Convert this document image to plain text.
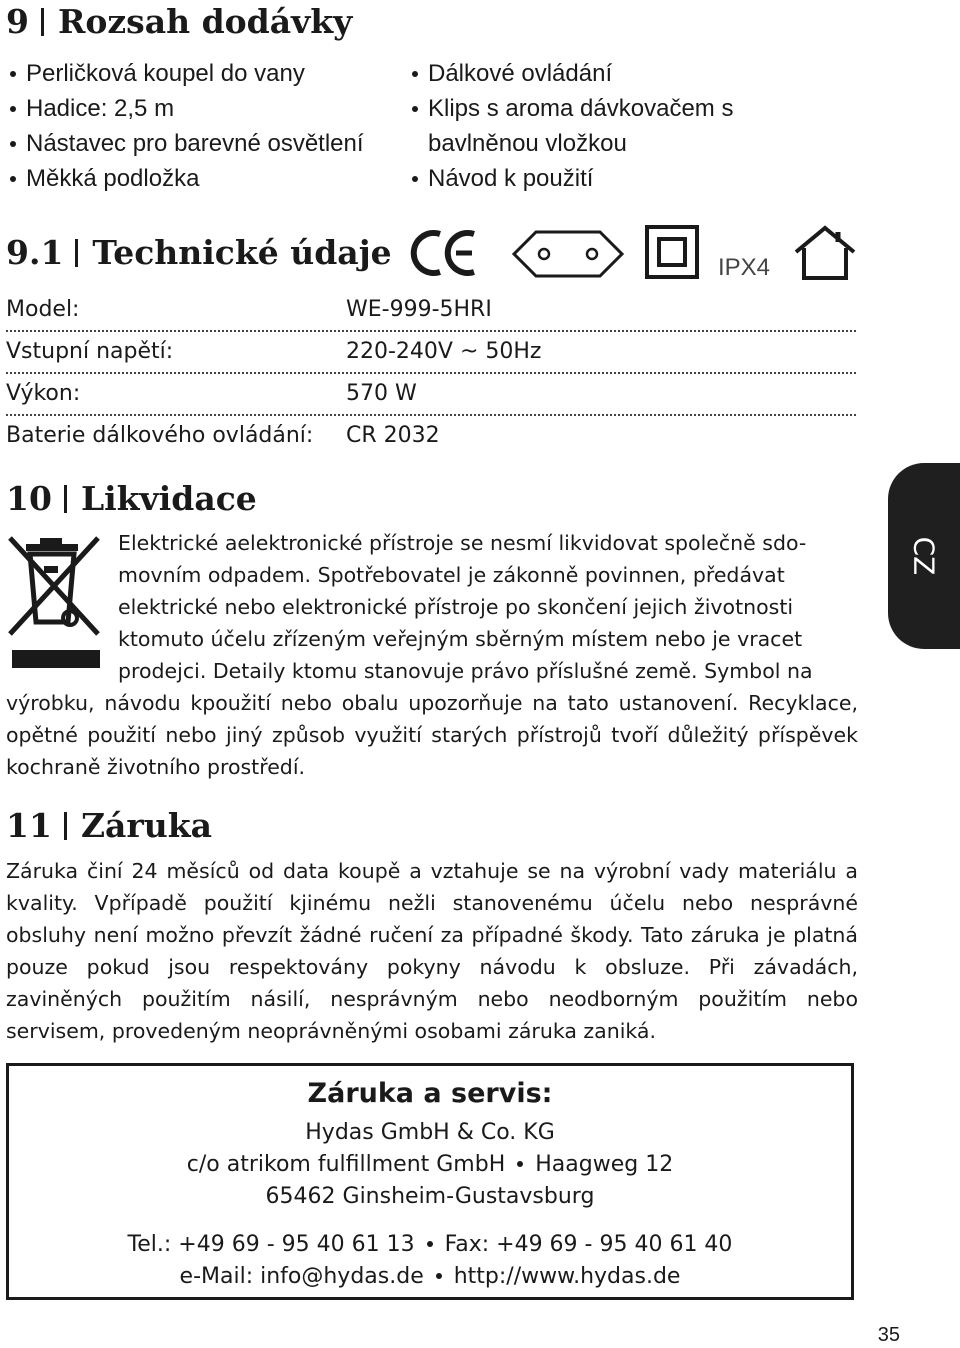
9 Rozsah dodávky
Perličková koupel do vany
Hadice: 2,5 m
Nástavec pro barevné osvětlení
Měkká podložka
Dálkové ovládání
Klips s aroma dávkovačem s
bavlněnou vložkou
Návod k použití
9.1 Technické údaje	IPX4
Model:	WE-999-5HRI
Vstupní napětí:	220-240V ~ 50Hz
Výkon:	570 W
Baterie dálkového ovládání: CR 2032
10 Likvidace

Elektrické aelektronické přístroje se nesmí likvidovat společně sdo-
movním odpadem. Spotřebovatel je zákonně povinnen, předávat
elektrické nebo elektronické přístroje po skončení jejich životnosti
ktomuto účelu zřízeným veřejným sběrným místem nebo je vracet
prodejci. Detaily ktomu stanovuje právo příslušné země. Symbol na

výrobku, návodu kpoužití nebo obalu upozorňuje na tato ustanovení. Recyklace, opětné použití nebo jiný způsob využití starých přístrojů tvoří důležitý příspěvek kochraně životního prostředí.

CZ
11 Záruka

Záruka činí 24 měsíců od data koupě a vztahuje se na výrobní vady materiálu a kvality. Vpřípadě použití kjinému nežli stanovenému účelu nebo nesprávné obsluhy není možno převzít žádné ručení za případné škody. Tato záruka je platná pouze pokud jsou respektovány pokyny návodu k obsluze. Při závadách, zaviněných použitím násilí, nesprávným nebo neodborným použitím nebo servisem, provedeným neoprávněnými osobami záruka zaniká.

Záruka a servis:
Hydas GmbH & Co. KG
c/o atrikom fulfillment GmbH Haagweg 12
65462 Ginsheim-Gustavsburg
Tel.: +49 69 - 95 40 61 13 Fax: +49 69 - 95 40 61 40
e-Mail: info@hydas.de http://www.hydas.de
35
